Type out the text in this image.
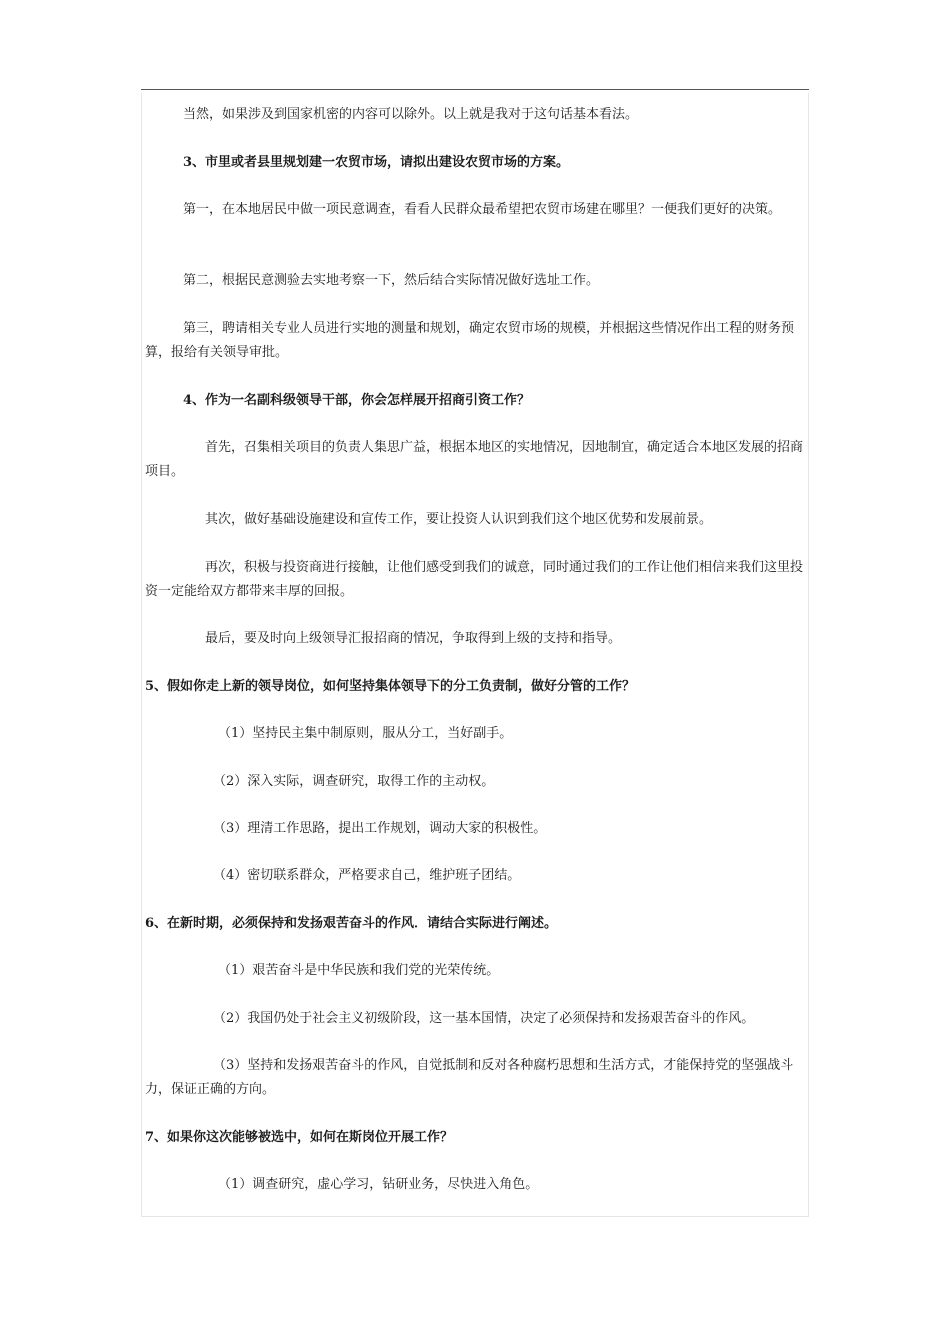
当然，如果涉及到国家机密的内容可以除外。以上就是我对于这句话基本看法。

3、市里或者县里规划建一农贸市场，请拟出建设农贸市场的方案。

第一，在本地居民中做一项民意调查，看看人民群众最希望把农贸市场建在哪里？一便我们更好的决策。

第二，根据民意测验去实地考察一下，然后结合实际情况做好选址工作。

第三，聘请相关专业人员进行实地的测量和规划，确定农贸市场的规模，并根据这些情况作出工程的财务预算，报给有关领导审批。

4、作为一名副科级领导干部，你会怎样展开招商引资工作？

首先，召集相关项目的负责人集思广益，根据本地区的实地情况，因地制宜，确定适合本地区发展的招商项目。

其次，做好基础设施建设和宣传工作，要让投资人认识到我们这个地区优势和发展前景。

再次，积极与投资商进行接触，让他们感受到我们的诚意，同时通过我们的工作让他们相信来我们这里投资一定能给双方都带来丰厚的回报。

最后，要及时向上级领导汇报招商的情况，争取得到上级的支持和指导。

5、假如你走上新的领导岗位，如何坚持集体领导下的分工负责制，做好分管的工作？

（1）坚持民主集中制原则，服从分工，当好副手。

（2）深入实际，调查研究，取得工作的主动权。

（3）理清工作思路，提出工作规划，调动大家的积极性。

（4）密切联系群众，严格要求自己，维护班子团结。

6、在新时期，必须保持和发扬艰苦奋斗的作风．请结合实际进行阐述。

（1）艰苦奋斗是中华民族和我们党的光荣传统。

（2）我国仍处于社会主义初级阶段，这一基本国情，决定了必须保持和发扬艰苦奋斗的作风。

（3）坚持和发扬艰苦奋斗的作风，自觉抵制和反对各种腐朽思想和生活方式，才能保持党的坚强战斗力，保证正确的方向。

7、如果你这次能够被选中，如何在斯岗位开展工作？

（1）调查研究，虚心学习，钻研业务，尽快进入角色。
